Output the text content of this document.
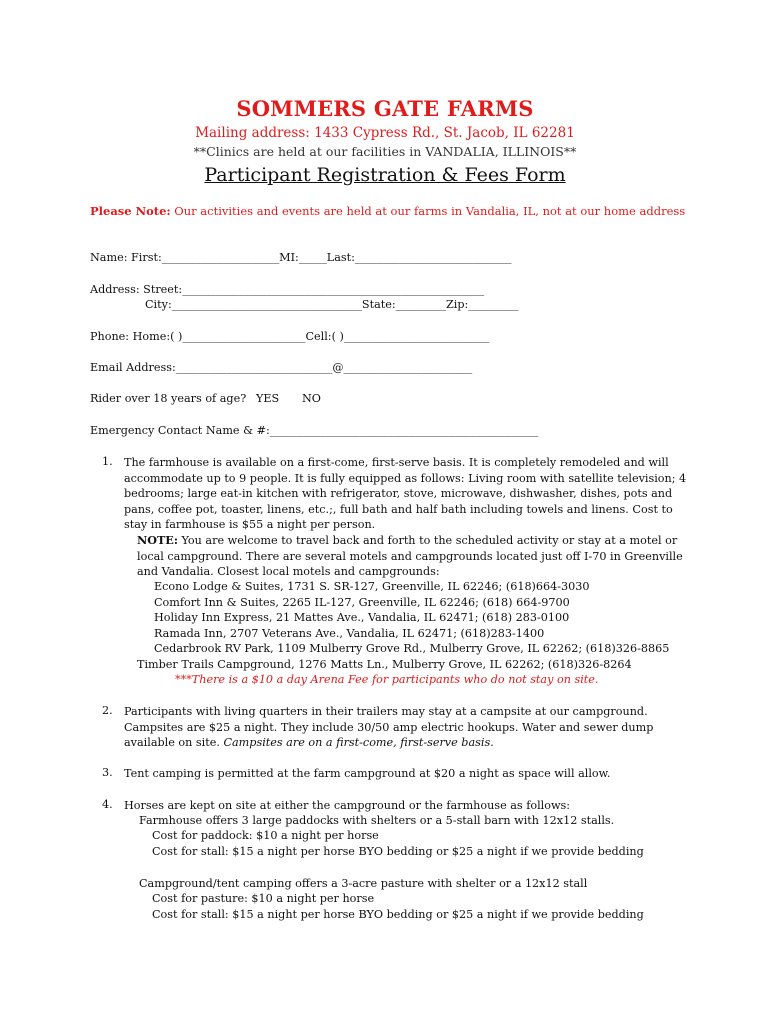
SOMMERS GATE FARMS
Mailing address: 1433 Cypress Rd., St. Jacob, IL 62281
**Clinics are held at our facilities in VANDALIA, ILLINOIS**
Participant Registration & Fees Form
Please Note: Our activities and events are held at our farms in Vandalia, IL, not at our home address
Name: First:_____________________MI:_____Last:____________________________
Address: Street:______________________________________________________
City:__________________________________State:_________Zip:_________
Phone: Home:( )______________________Cell:( )__________________________
Email Address:____________________________@_______________________
Rider over 18 years of age? YES NO
Emergency Contact Name & #:________________________________________________
1. The farmhouse is available on a first-come, first-serve basis. It is completely remodeled and will
accommodate up to 9 people. It is fully equipped as follows: Living room with satellite television; 4
bedrooms; large eat-in kitchen with refrigerator, stove, microwave, dishwasher, dishes, pots and
pans, coffee pot, toaster, linens, etc.;, full bath and half bath including towels and linens. Cost to
stay in farmhouse is $55 a night per person.
NOTE: You are welcome to travel back and forth to the scheduled activity or stay at a motel or
local campground. There are several motels and campgrounds located just off I-70 in Greenville
and Vandalia. Closest local motels and campgrounds:
Econo Lodge & Suites, 1731 S. SR-127, Greenville, IL 62246; (618)664-3030
Comfort Inn & Suites, 2265 IL-127, Greenville, IL 62246; (618) 664-9700
Holiday Inn Express, 21 Mattes Ave., Vandalia, IL 62471; (618) 283-0100
Ramada Inn, 2707 Veterans Ave., Vandalia, IL 62471; (618)283-1400
Cedarbrook RV Park, 1109 Mulberry Grove Rd., Mulberry Grove, IL 62262; (618)326-8865
Timber Trails Campground, 1276 Matts Ln., Mulberry Grove, IL 62262; (618)326-8264
***There is a $10 a day Arena Fee for participants who do not stay on site.
2. Participants with living quarters in their trailers may stay at a campsite at our campground.
Campsites are $25 a night. They include 30/50 amp electric hookups. Water and sewer dump
available on site. Campsites are on a first-come, first-serve basis.
3. Tent camping is permitted at the farm campground at $20 a night as space will allow.
4. Horses are kept on site at either the campground or the farmhouse as follows:
Farmhouse offers 3 large paddocks with shelters or a 5-stall barn with 12x12 stalls.
Cost for paddock: $10 a night per horse
Cost for stall: $15 a night per horse BYO bedding or $25 a night if we provide bedding
Campground/tent camping offers a 3-acre pasture with shelter or a 12x12 stall
Cost for pasture: $10 a night per horse
Cost for stall: $15 a night per horse BYO bedding or $25 a night if we provide bedding
